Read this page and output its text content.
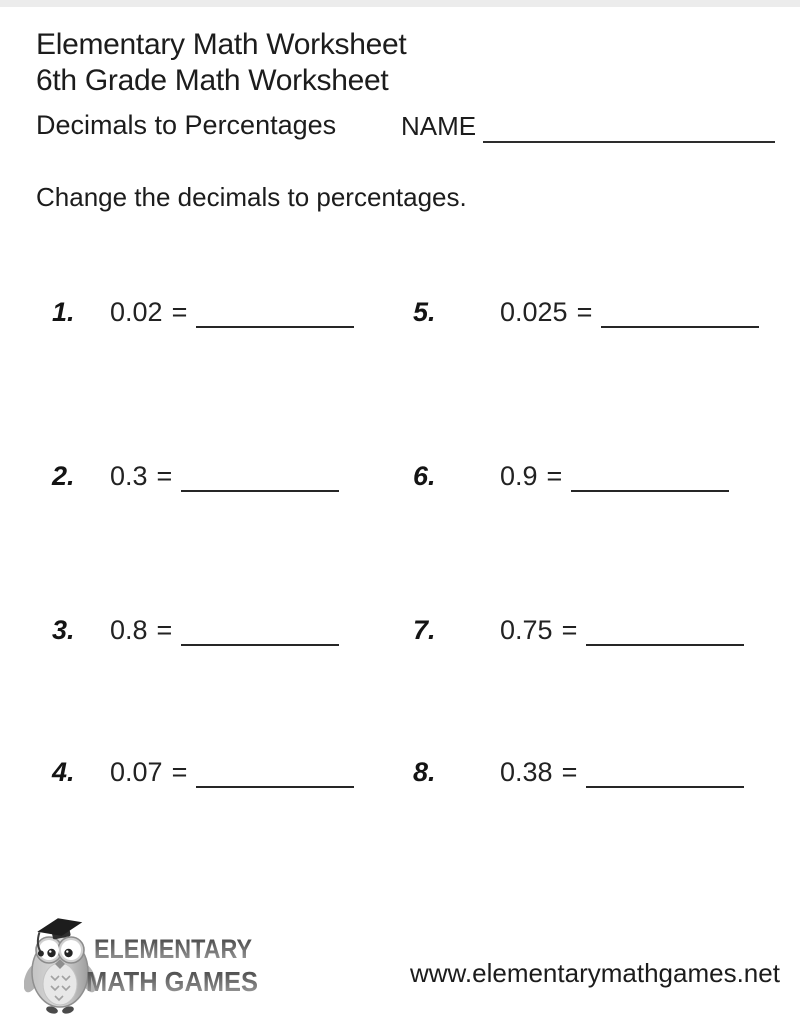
Elementary Math Worksheet
6th Grade Math Worksheet
Decimals to Percentages NAME
Change the decimals to percentages.
1.	0.02 =
2.	0.3 =
3.	0.8 =
4.	0.07 =
5.	0.025 =
6.	0.9 =
7.	0.75 =
8.	0.38 =
ELEMENTARY
MATH GAMES	www.elementarymathgames.net
